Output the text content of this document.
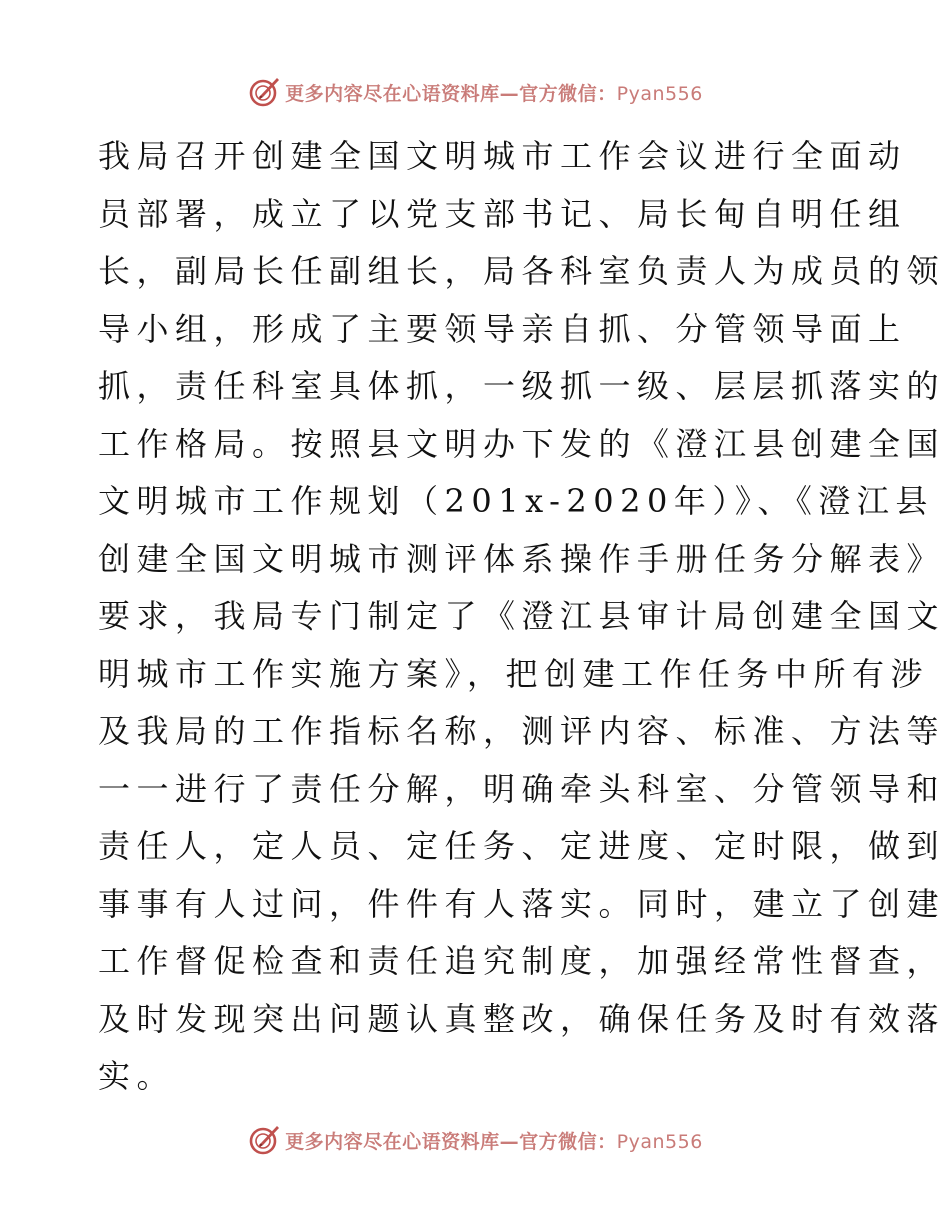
更多内容尽在心语资料库—官方微信：Pyan556
我局召开创建全国文明城市工作会议进行全面动
员部署，成立了以党支部书记、局长甸自明任组
长，副局长任副组长，局各科室负责人为成员的领
导小组，形成了主要领导亲自抓、分管领导面上
抓，责任科室具体抓，一级抓一级、层层抓落实的
工作格局。按照县文明办下发的《澄江县创建全国
文明城市工作规划（201x-2020年）》、《澄江县
创建全国文明城市测评体系操作手册任务分解表》
要求，我局专门制定了《澄江县审计局创建全国文
明城市工作实施方案》，把创建工作任务中所有涉
及我局的工作指标名称，测评内容、标准、方法等
一一进行了责任分解，明确牵头科室、分管领导和
责任人，定人员、定任务、定进度、定时限，做到
事事有人过问，件件有人落实。同时，建立了创建
工作督促检查和责任追究制度，加强经常性督查，
及时发现突出问题认真整改，确保任务及时有效落
实。
更多内容尽在心语资料库—官方微信：Pyan556
